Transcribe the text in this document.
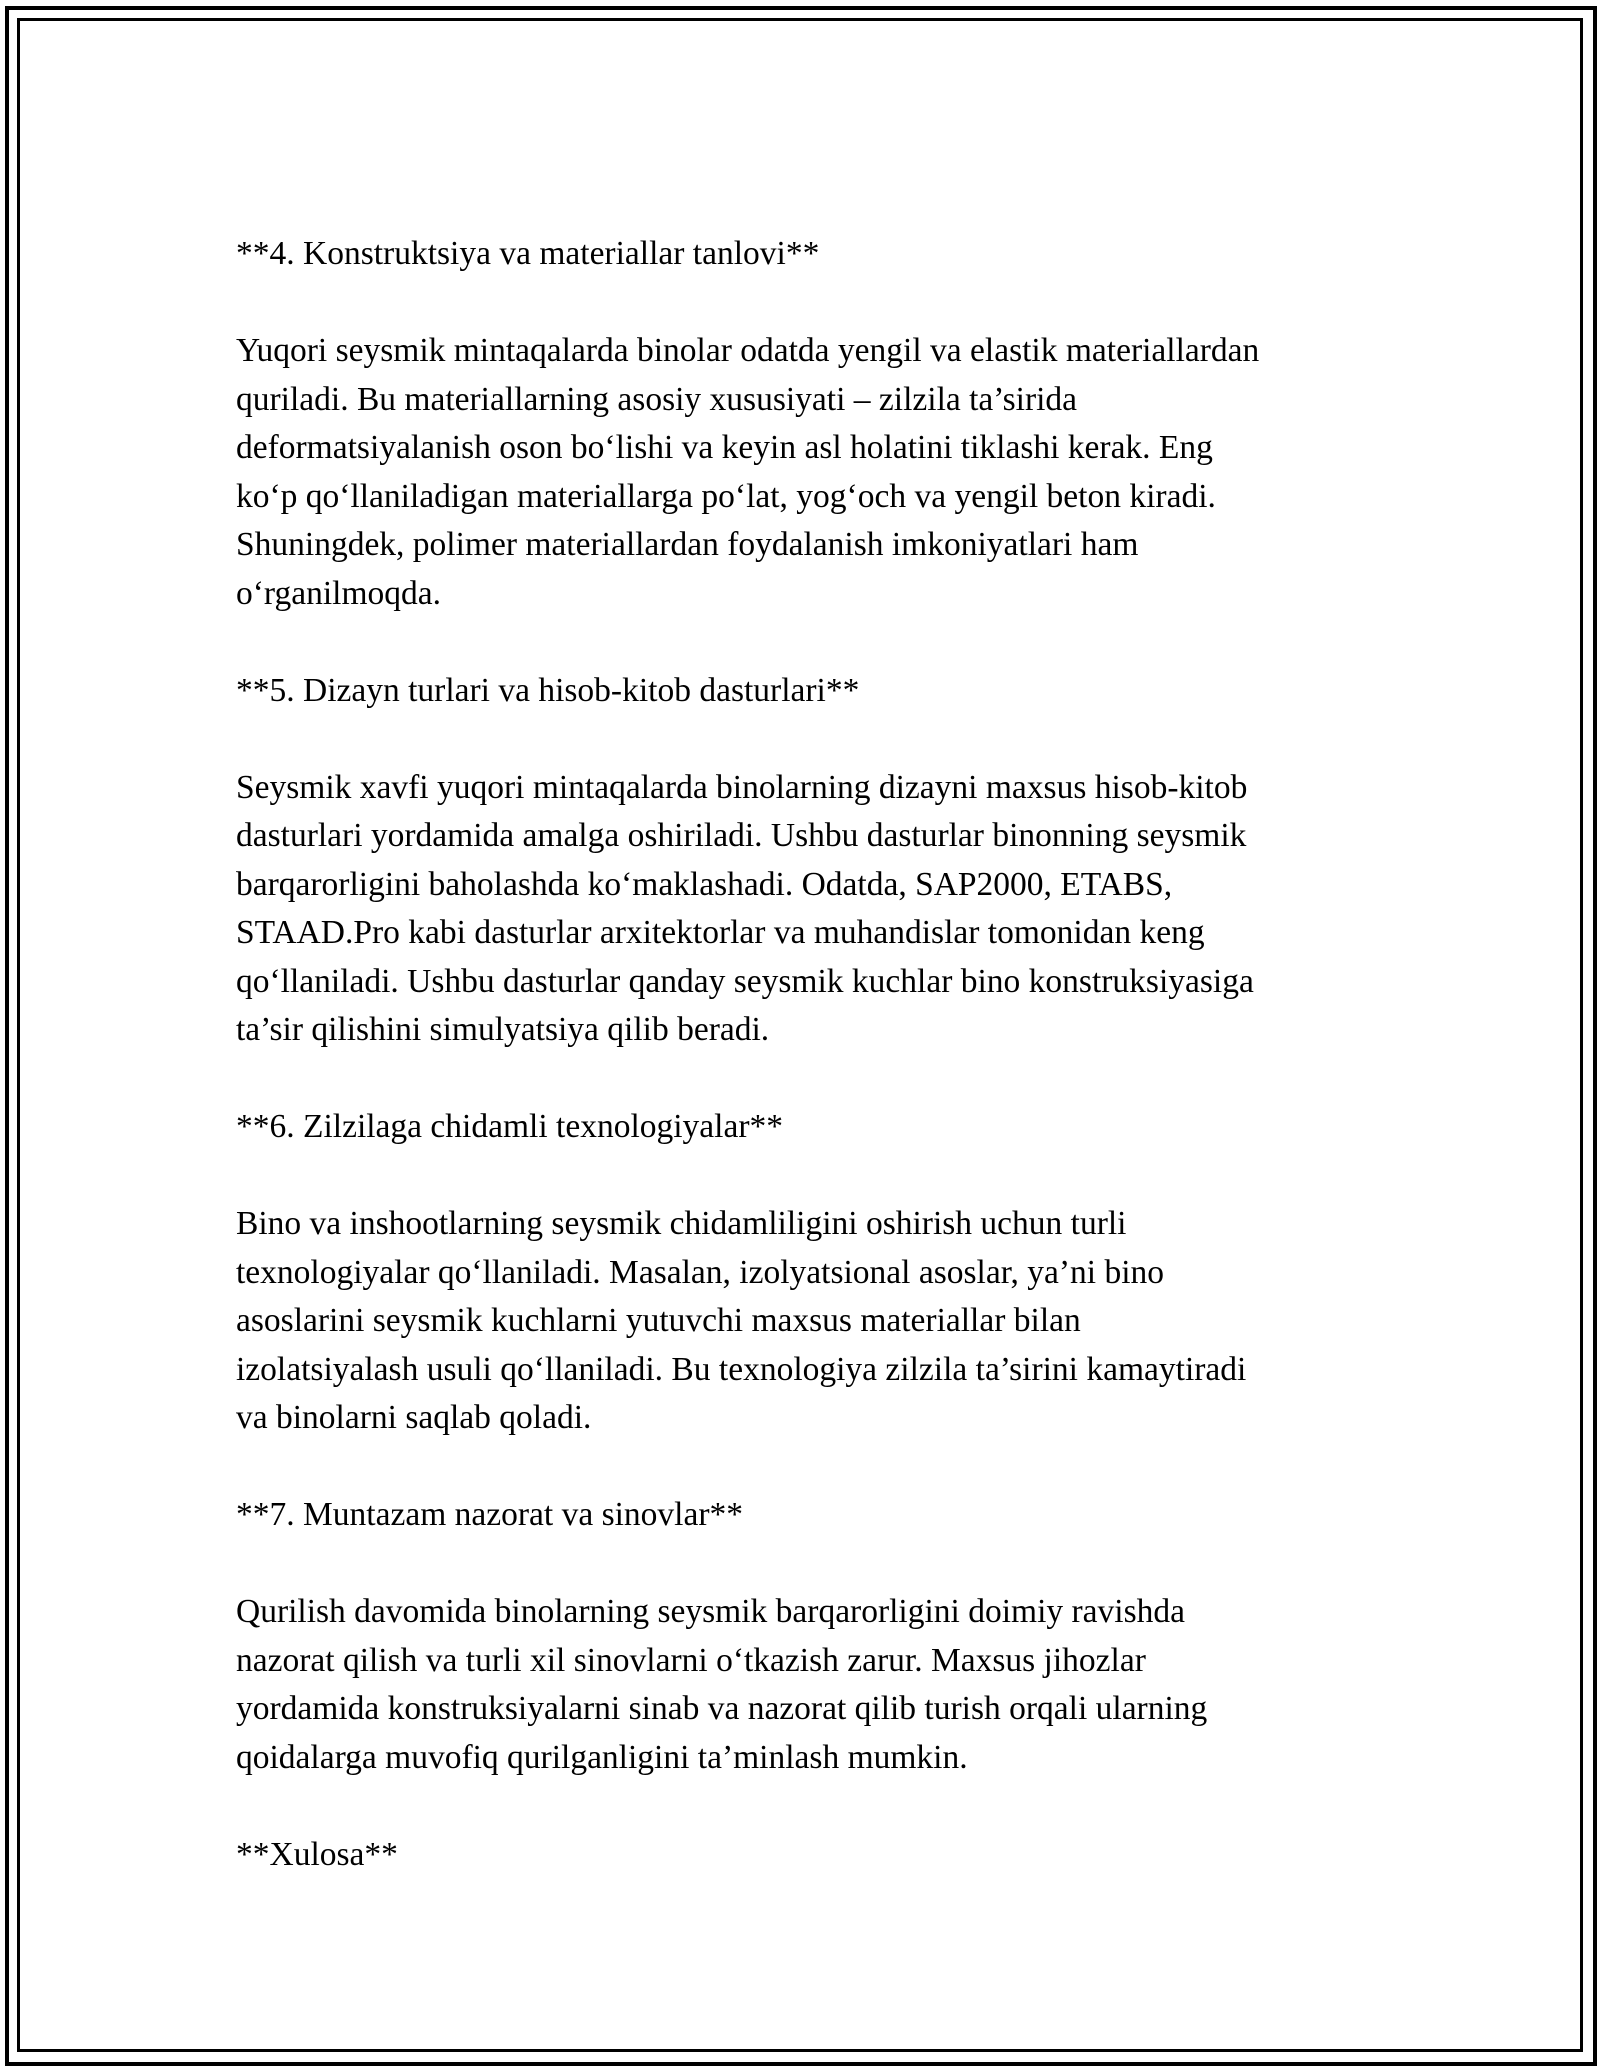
**4. Konstruktsiya va materiallar tanlovi**

Yuqori seysmik mintaqalarda binolar odatda yengil va elastik materiallardan
quriladi. Bu materiallarning asosiy xususiyati – zilzila ta’sirida
deformatsiyalanish oson bo‘lishi va keyin asl holatini tiklashi kerak. Eng
ko‘p qo‘llaniladigan materiallarga po‘lat, yog‘och va yengil beton kiradi.
Shuningdek, polimer materiallardan foydalanish imkoniyatlari ham
o‘rganilmoqda.

**5. Dizayn turlari va hisob-kitob dasturlari**

Seysmik xavfi yuqori mintaqalarda binolarning dizayni maxsus hisob-kitob
dasturlari yordamida amalga oshiriladi. Ushbu dasturlar binonning seysmik
barqarorligini baholashda ko‘maklashadi. Odatda, SAP2000, ETABS,
STAAD.Pro kabi dasturlar arxitektorlar va muhandislar tomonidan keng
qo‘llaniladi. Ushbu dasturlar qanday seysmik kuchlar bino konstruksiyasiga
ta’sir qilishini simulyatsiya qilib beradi.

**6. Zilzilaga chidamli texnologiyalar**

Bino va inshootlarning seysmik chidamliligini oshirish uchun turli
texnologiyalar qo‘llaniladi. Masalan, izolyatsional asoslar, ya’ni bino
asoslarini seysmik kuchlarni yutuvchi maxsus materiallar bilan
izolatsiyalash usuli qo‘llaniladi. Bu texnologiya zilzila ta’sirini kamaytiradi
va binolarni saqlab qoladi.

**7. Muntazam nazorat va sinovlar**

Qurilish davomida binolarning seysmik barqarorligini doimiy ravishda
nazorat qilish va turli xil sinovlarni o‘tkazish zarur. Maxsus jihozlar
yordamida konstruksiyalarni sinab va nazorat qilib turish orqali ularning
qoidalarga muvofiq qurilganligini ta’minlash mumkin.

**Xulosa**
